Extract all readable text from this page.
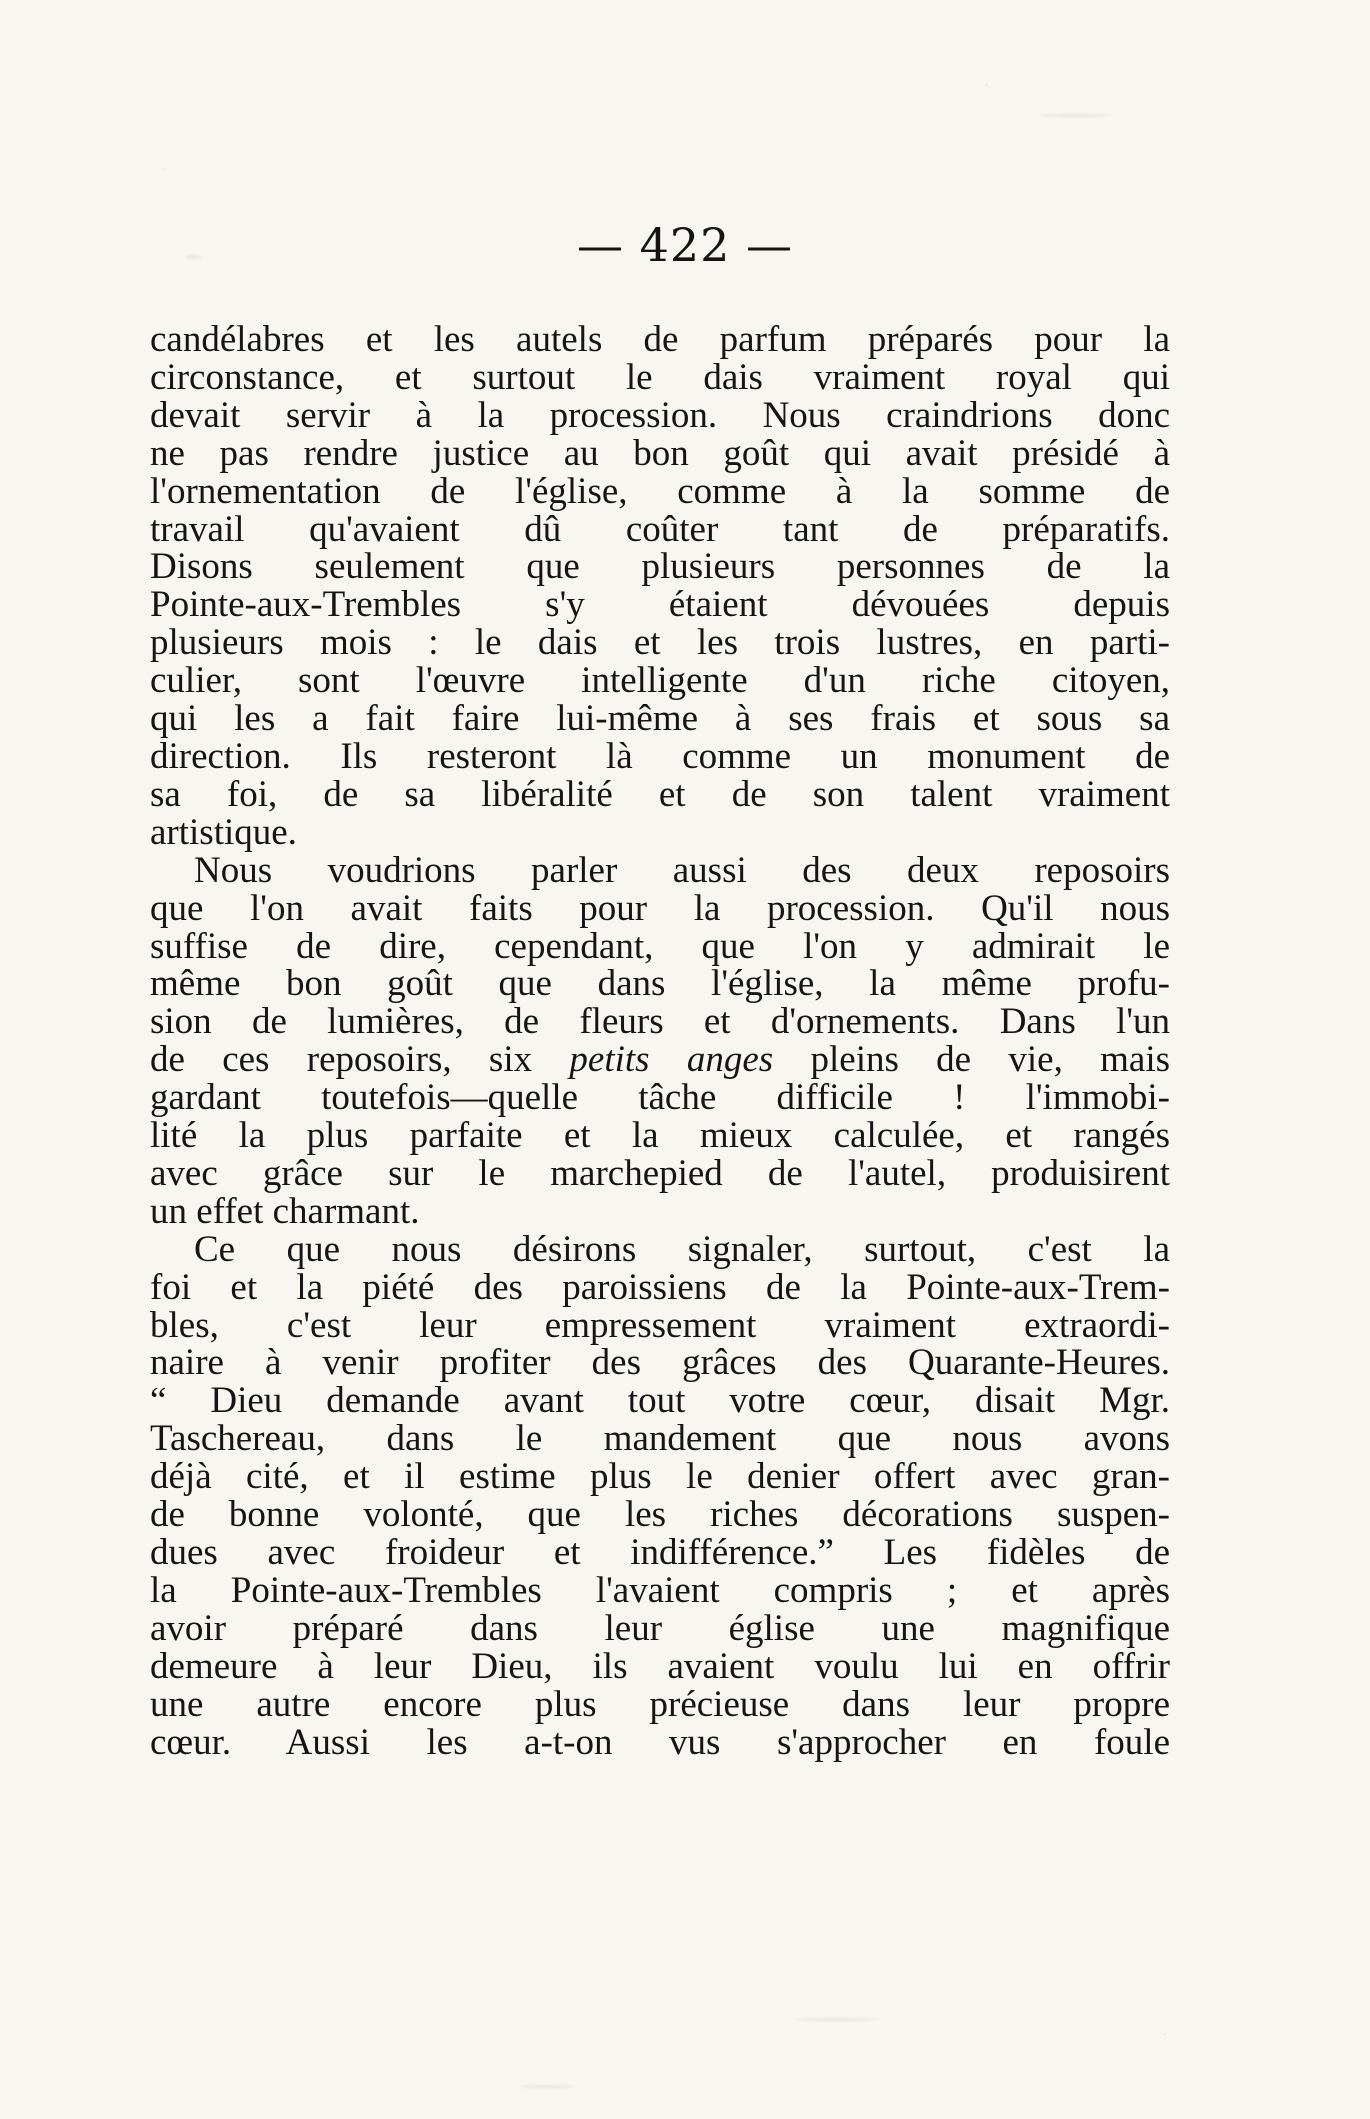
— 422 —
candélabres et les autels de parfum préparés pour la
circonstance, et surtout le dais vraiment royal qui
devait servir à la procession. Nous craindrions donc
ne pas rendre justice au bon goût qui avait présidé à
l'ornementation de l'église, comme à la somme de
travail qu'avaient dû coûter tant de préparatifs.
Disons seulement que plusieurs personnes de la
Pointe-aux-Trembles s'y étaient dévouées depuis
plusieurs mois : le dais et les trois lustres, en parti-
culier, sont l'œuvre intelligente d'un riche citoyen,
qui les a fait faire lui-même à ses frais et sous sa
direction. Ils resteront là comme un monument de
sa foi, de sa libéralité et de son talent vraiment
artistique.
Nous voudrions parler aussi des deux reposoirs
que l'on avait faits pour la procession. Qu'il nous
suffise de dire, cependant, que l'on y admirait le
même bon goût que dans l'église, la même profu-
sion de lumières, de fleurs et d'ornements. Dans l'un
de ces reposoirs, six petits anges pleins de vie, mais
gardant toutefois—quelle tâche difficile ! l'immobi-
lité la plus parfaite et la mieux calculée, et rangés
avec grâce sur le marchepied de l'autel, produisirent
un effet charmant.
Ce que nous désirons signaler, surtout, c'est la
foi et la piété des paroissiens de la Pointe-aux-Trem-
bles, c'est leur empressement vraiment extraordi-
naire à venir profiter des grâces des Quarante-Heures.
“ Dieu demande avant tout votre cœur, disait Mgr.
Taschereau, dans le mandement que nous avons
déjà cité, et il estime plus le denier offert avec gran-
de bonne volonté, que les riches décorations suspen-
dues avec froideur et indifférence.” Les fidèles de
la Pointe-aux-Trembles l'avaient compris ; et après
avoir préparé dans leur église une magnifique
demeure à leur Dieu, ils avaient voulu lui en offrir
une autre encore plus précieuse dans leur propre
cœur. Aussi les a-t-on vus s'approcher en foule
